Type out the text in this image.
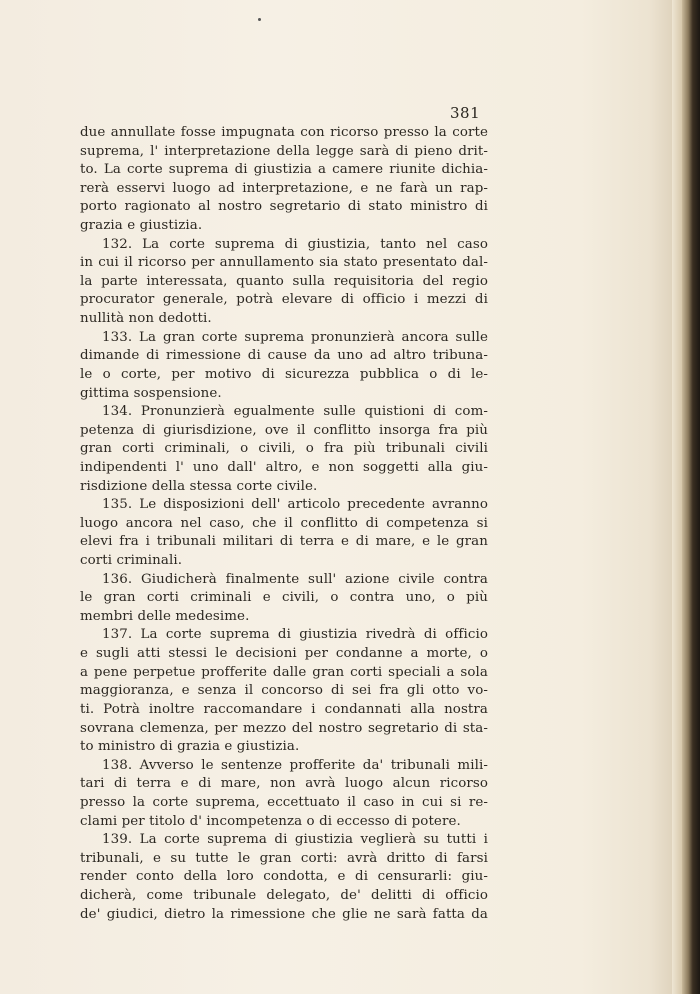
381
due annullate fosse impugnata con ricorso presso la corte
suprema, l' interpretazione della legge sarà di pieno drit-
to. La corte suprema di giustizia a camere riunite dichia-
rerà esservi luogo ad interpretazione, e ne farà un rap-
porto ragionato al nostro segretario di stato ministro di
grazia e giustizia.
132. La corte suprema di giustizia, tanto nel caso
in cui il ricorso per annullamento sia stato presentato dal-
la parte interessata, quanto sulla requisitoria del regio
procurator generale, potrà elevare di officio i mezzi di
nullità non dedotti.
133. La gran corte suprema pronunzierà ancora sulle
dimande di rimessione di cause da uno ad altro tribuna-
le o corte, per motivo di sicurezza pubblica o di le-
gittima sospensione.
134. Pronunzierà egualmente sulle quistioni di com-
petenza di giurisdizione, ove il conflitto insorga fra più
gran corti criminali, o civili, o fra più tribunali civili
indipendenti l' uno dall' altro, e non soggetti alla giu-
risdizione della stessa corte civile.
135. Le disposizioni dell' articolo precedente avranno
luogo ancora nel caso, che il conflitto di competenza si
elevi fra i tribunali militari di terra e di mare, e le gran
corti criminali.
136. Giudicherà finalmente sull' azione civile contra
le gran corti criminali e civili, o contra uno, o più
membri delle medesime.
137. La corte suprema di giustizia rivedrà di officio
e sugli atti stessi le decisioni per condanne a morte, o
a pene perpetue profferite dalle gran corti speciali a sola
maggioranza, e senza il concorso di sei fra gli otto vo-
ti. Potrà inoltre raccomandare i condannati alla nostra
sovrana clemenza, per mezzo del nostro segretario di sta-
to ministro di grazia e giustizia.
138. Avverso le sentenze profferite da' tribunali mili-
tari di terra e di mare, non avrà luogo alcun ricorso
presso la corte suprema, eccettuato il caso in cui si re-
clami per titolo d' incompetenza o di eccesso di potere.
139. La corte suprema di giustizia veglierà su tutti i
tribunali, e su tutte le gran corti: avrà dritto di farsi
render conto della loro condotta, e di censurarli: giu-
dicherà, come tribunale delegato, de' delitti di officio
de' giudici, dietro la rimessione che glie ne sarà fatta da
